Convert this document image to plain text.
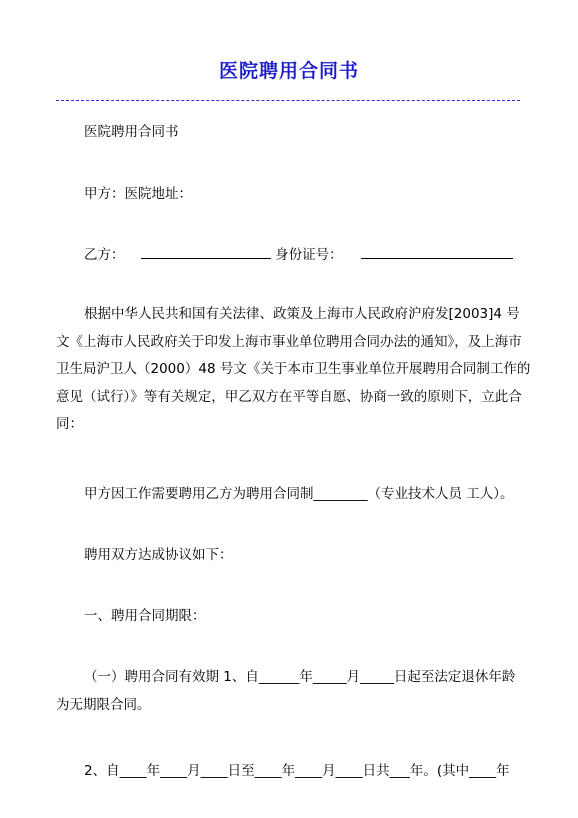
医院聘用合同书
医院聘用合同书
甲方：医院地址：
乙方：	身份证号：
根据中华人民共和国有关法律、政策及上海市人民政府沪府发[2003]4 号
文《上海市人民政府关于印发上海市事业单位聘用合同办法的通知》，及上海市
卫生局沪卫人（2000）48 号文《关于本市卫生事业单位开展聘用合同制工作的
意见（试行）》等有关规定，甲乙双方在平等自愿、协商一致的原则下，立此合
同：
甲方因工作需要聘用乙方为聘用合同制________（专业技术人员 工人）。
聘用双方达成协议如下：
一、聘用合同期限：
（一）聘用合同有效期 1、自______年_____月_____日起至法定退休年龄
为无期限合同。
2、自____年____月____日至____年____月____日共___年。(其中____年
